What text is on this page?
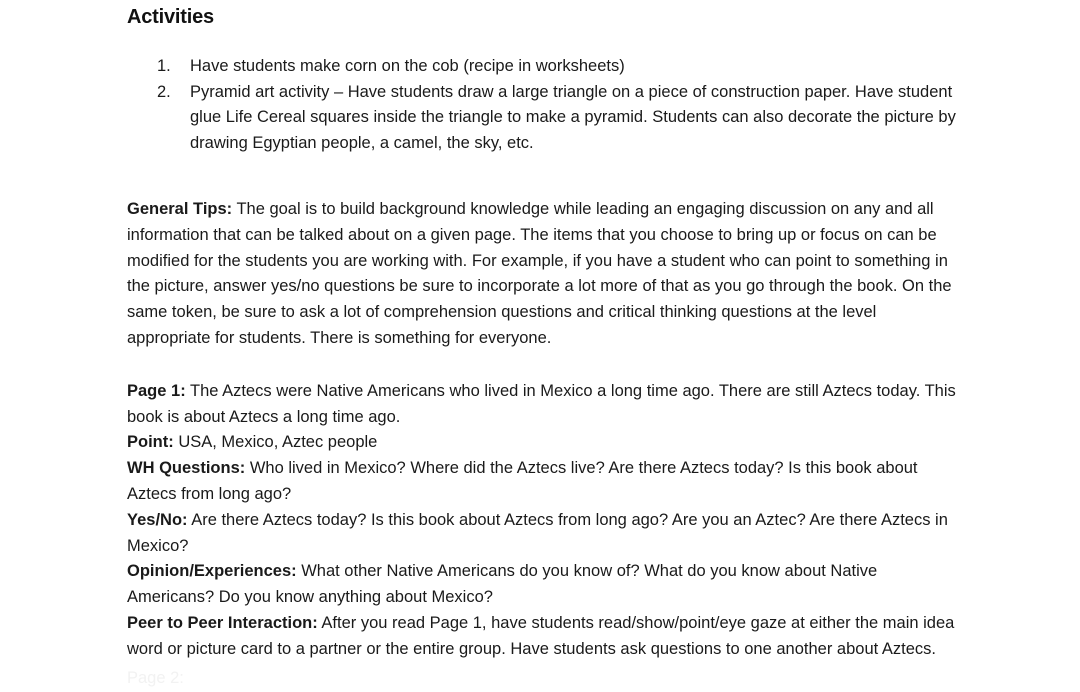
Activities
1.	Have students make corn on the cob (recipe in worksheets)
2.	Pyramid art activity – Have students draw a large triangle on a piece of construction paper. Have student glue Life Cereal squares inside the triangle to make a pyramid. Students can also decorate the picture by drawing Egyptian people, a camel, the sky, etc.

General Tips: The goal is to build background knowledge while leading an engaging discussion on any and all information that can be talked about on a given page. The items that you choose to bring up or focus on can be modified for the students you are working with. For example, if you have a student who can point to something in the picture, answer yes/no questions be sure to incorporate a lot more of that as you go through the book. On the same token, be sure to ask a lot of comprehension questions and critical thinking questions at the level appropriate for students. There is something for everyone.

Page 1: The Aztecs were Native Americans who lived in Mexico a long time ago. There are still Aztecs today. This book is about Aztecs a long time ago.
Point: USA, Mexico, Aztec people
WH Questions: Who lived in Mexico? Where did the Aztecs live? Are there Aztecs today? Is this book about Aztecs from long ago?
Yes/No: Are there Aztecs today? Is this book about Aztecs from long ago? Are you an Aztec? Are there Aztecs in Mexico?
Opinion/Experiences: What other Native Americans do you know of? What do you know about Native Americans? Do you know anything about Mexico?
Peer to Peer Interaction: After you read Page 1, have students read/show/point/eye gaze at either the main idea word or picture card to a partner or the entire group. Have students ask questions to one another about Aztecs.
Page 2:
